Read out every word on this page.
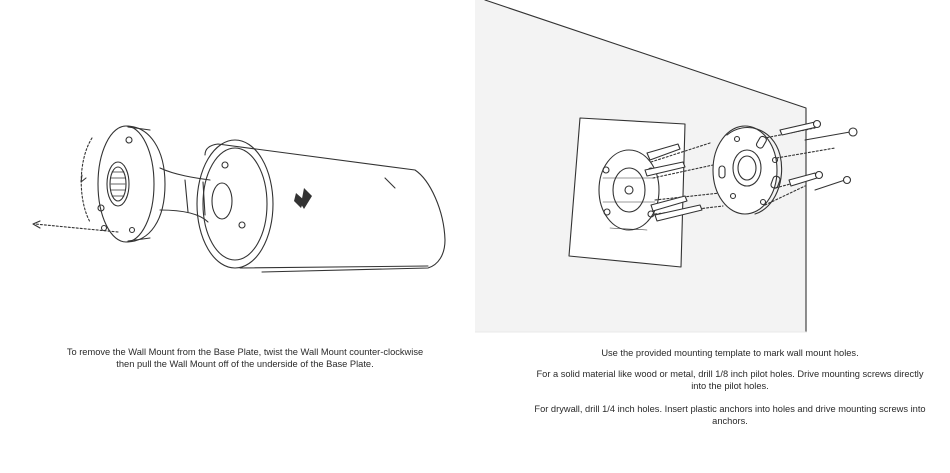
To remove the Wall Mount from the Base Plate, twist the Wall Mount counter-clockwise then pull the Wall Mount off of the underside of the Base Plate.
Use the provided mounting template to mark wall mount holes.
For a solid material like wood or metal, drill 1/8 inch pilot holes. Drive mounting screws directly into the pilot holes.
For drywall, drill 1/4 inch holes. Insert plastic anchors into holes and drive mounting screws into anchors.
